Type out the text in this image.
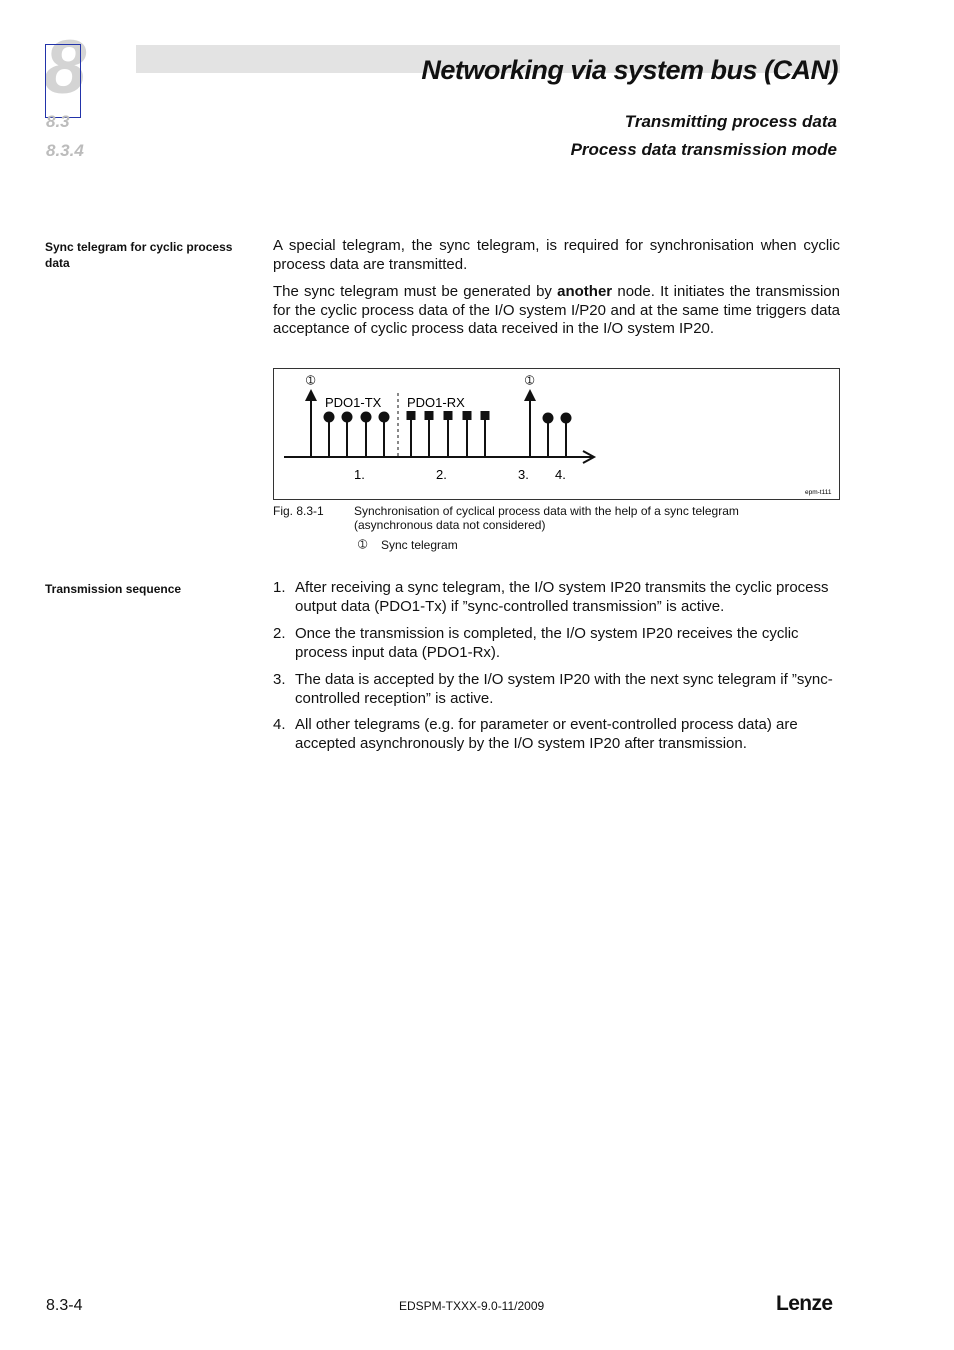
8
8.3
8.3.4
Networking via system bus (CAN)
Transmitting process data
Process data transmission mode
Sync telegram for cyclic process data
A special telegram, the sync telegram, is required for synchronisation when cyclic process data are transmitted.
The sync telegram must be generated by another node. It initiates the transmission for the cyclic process data of the I/O system I/P20 and at the same time triggers data acceptance of cyclic process data received in the I/O system IP20.
➀	➀
PDO1-TX PDO1-RX
1.	2.	3. 4.
epm-t111
Fig. 8.3-1	Synchronisation of cyclical process data with the help of a sync telegram (asynchronous data not considered)
➀ Sync telegram
Transmission sequence	1. After receiving a sync telegram, the I/O system IP20 transmits the cyclic process output data (PDO1-Tx) if ”sync-controlled transmission” is active.
2. Once the transmission is completed, the I/O system IP20 receives the cyclic process input data (PDO1-Rx).
3. The data is accepted by the I/O system IP20 with the next sync telegram if ”sync-controlled reception” is active.
4. All other telegrams (e.g. for parameter or event-controlled process data) are accepted asynchronously by the I/O system IP20 after transmission.
8.3-4	EDSPM-TXXX-9.0-11/2009	Lenze
